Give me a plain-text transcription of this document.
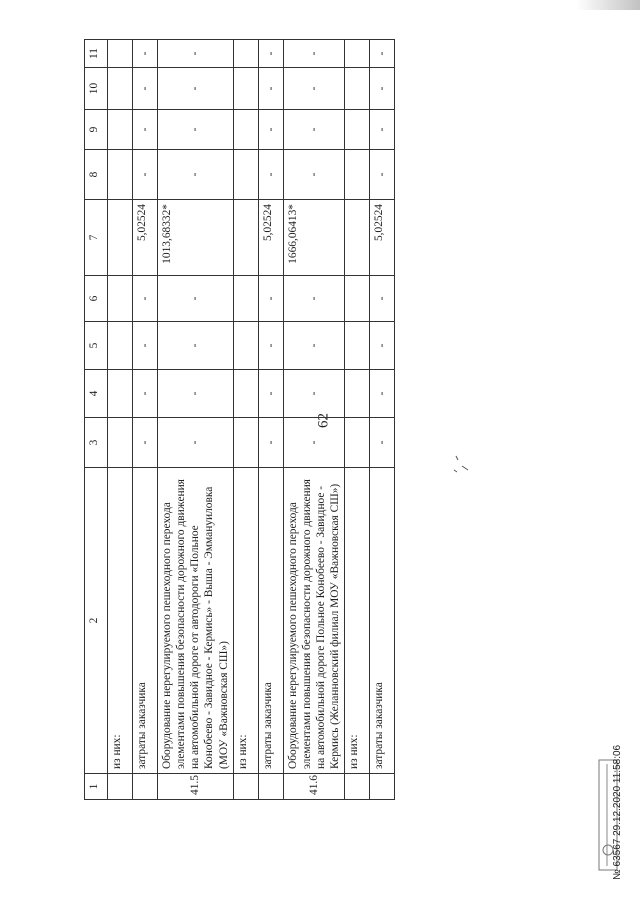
62
1	2	3	4	5	6	7	8	9	10	11
	из них:									
	затраты заказчика	-	-	-	-	5,02524	-	-	-	-
41.5	Оборудование нерегулируемого пешеходного перехода элементами повышения безопасности дорожного движения на автомобильной дороге от автодороги «Польное Конобеево - Завидное - Кермись» - Выша - Эммануиловка (МОУ «Важновская СШ»)	-	-	-	-	1013,68332*	-	-	-	-
	из них:									
	затраты заказчика	-	-	-	-	5,02524	-	-	-	-
41.6	Оборудование нерегулируемого пешеходного перехода элементами повышения безопасности дорожного движения на автомобильной дороге Польное Конобеево - Завидное - Кермись (Желанновский филиал МОУ «Важновская СШ»)	-	-	-	-	1666,06413*	-	-	-	-
	из них:									
	затраты заказчика	-	-	-	-	5,02524	-	-	-	-
№ 63567 29.12.2020 11:58:06
